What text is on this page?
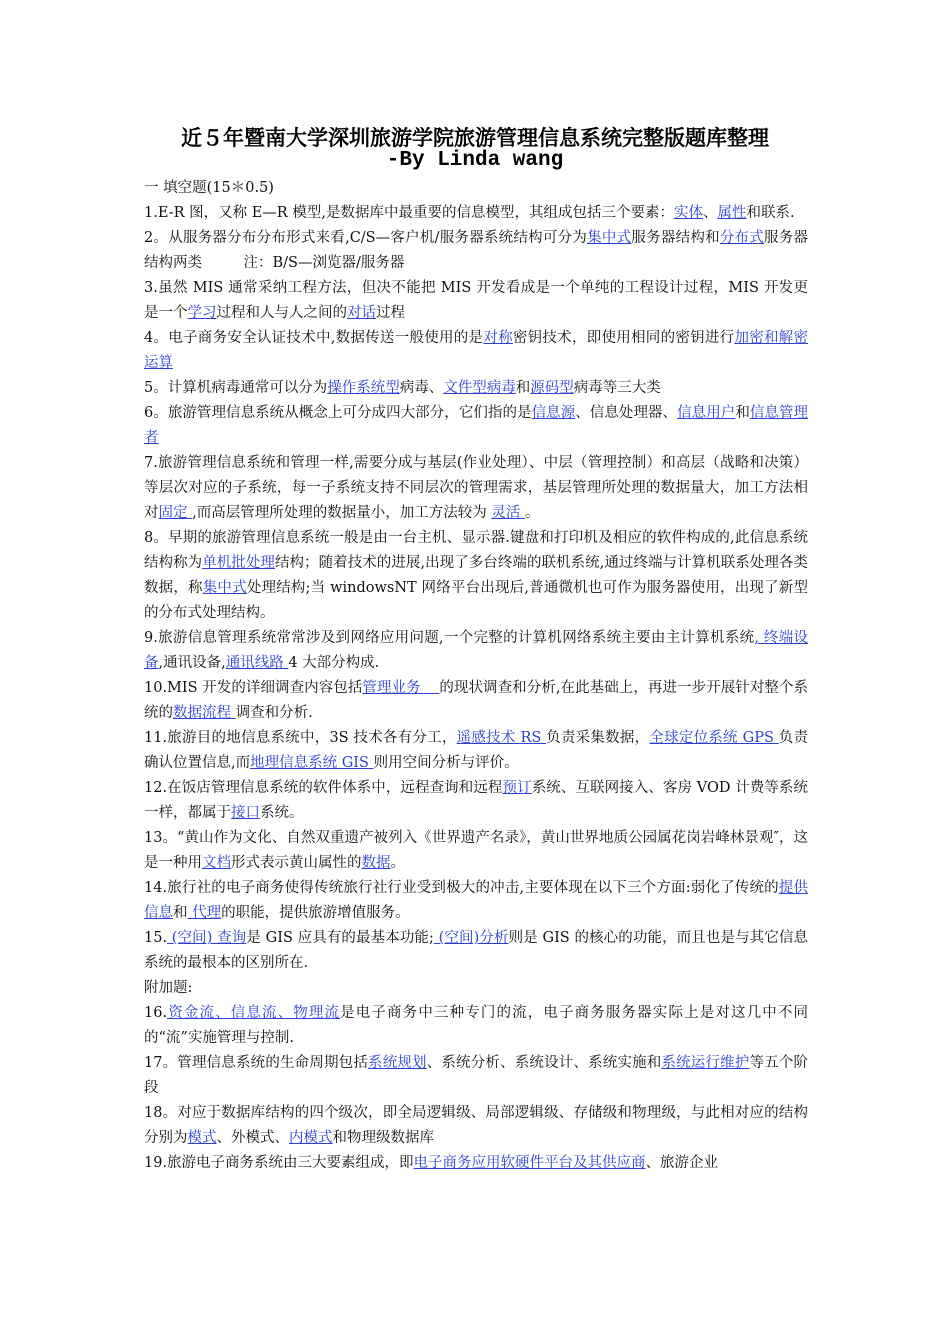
近５年暨南大学深圳旅游学院旅游管理信息系统完整版题库整理
-By Linda wang

一 填空题(15＊0.5)

1.E-R 图，又称 E—R 模型,是数据库中最重要的信息模型，其组成包括三个要素：实体、属性和联系.

2。从服务器分布分布形式来看,C/S—客户机/服务器系统结构可分为集中式服务器结构和分布式服务器结构两类	注：B/S—浏览器/服务器

3.虽然 MIS 通常采纳工程方法，但决不能把 MIS 开发看成是一个单纯的工程设计过程，MIS 开发更是一个学习过程和人与人之间的对话过程

4。电子商务安全认证技术中,数据传送一般使用的是对称密钥技术，即使用相同的密钥进行加密和解密运算

5。计算机病毒通常可以分为操作系统型病毒、文件型病毒和源码型病毒等三大类

6。旅游管理信息系统从概念上可分成四大部分，它们指的是信息源、信息处理器、信息用户和信息管理者

7.旅游管理信息系统和管理一样,需要分成与基层(作业处理）、中层（管理控制）和高层（战略和决策）等层次对应的子系统，每一子系统支持不同层次的管理需求，基层管理所处理的数据量大，加工方法相对固定 ,而高层管理所处理的数据量小，加工方法较为 灵活 。

8。早期的旅游管理信息系统一般是由一台主机、显示器.键盘和打印机及相应的软件构成的,此信息系统结构称为单机批处理结构；随着技术的进展,出现了多台终端的联机系统,通过终端与计算机联系处理各类数据，称集中式处理结构;当 windowsNT 网络平台出现后,普通微机也可作为服务器使用，出现了新型的分布式处理结构。

9.旅游信息管理系统常常涉及到网络应用问题,一个完整的计算机网络系统主要由主计算机系统, 终端设备,通讯设备,通讯线路 4 大部分构成.

10.MIS 开发的详细调查内容包括管理业务    的现状调查和分析,在此基础上，再进一步开展针对整个系统的数据流程 调查和分析.

11.旅游目的地信息系统中，3S 技术各有分工，遥感技术 RS 负责采集数据，全球定位系统 GPS 负责确认位置信息,而地理信息系统 GIS 则用空间分析与评价。

12.在饭店管理信息系统的软件体系中，远程查询和远程预订系统、互联网接入、客房 VOD 计费等系统一样，都属于接口系统。

13。“黄山作为文化、自然双重遗产被列入《世界遗产名录》，黄山世界地质公园属花岗岩峰林景观″，这是一种用文档形式表示黄山属性的数据。

14.旅行社的电子商务使得传统旅行社行业受到极大的冲击,主要体现在以下三个方面:弱化了传统的提供信息和 代理的职能，提供旅游增值服务。

15. (空间) 查询是 GIS 应具有的最基本功能; (空间)分析则是 GIS 的核心的功能，而且也是与其它信息系统的最根本的区别所在.

附加题:

16.资金流、信息流、物理流是电子商务中三种专门的流，电子商务服务器实际上是对这几中不同的“流”实施管理与控制.

17。管理信息系统的生命周期包括系统规划、系统分析、系统设计、系统实施和系统运行维护等五个阶段

18。对应于数据库结构的四个级次，即全局逻辑级、局部逻辑级、存储级和物理级，与此相对应的结构分别为模式、外模式、内模式和物理级数据库

19.旅游电子商务系统由三大要素组成，即电子商务应用软硬件平台及其供应商、旅游企业
